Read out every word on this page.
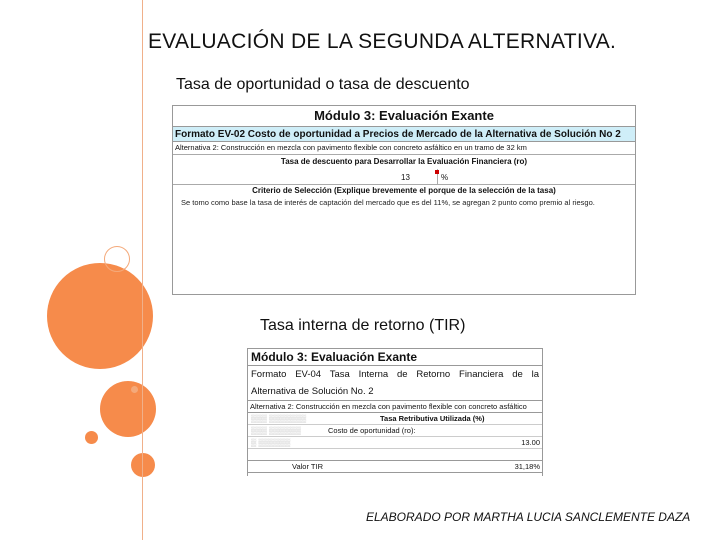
EVALUACIÓN DE LA SEGUNDA ALTERNATIVA.
Tasa de oportunidad o tasa de descuento
Módulo 3: Evaluación Exante
Formato EV-02 Costo de oportunidad a Precios de Mercado de la Alternativa de Solución No 2
Alternativa 2: Construcción en mezcla con pavimento flexible con concreto asfáltico en un tramo de 32 km
Tasa de descuento para Desarrollar la Evaluación Financiera (ro)
13	%
Criterio de Selección (Explique brevemente el porque de la selección de la tasa)
Se tomo como base la tasa de interés de captación del mercado que es del 11%, se agregan 2 punto como premio al riesgo.
Tasa interna de retorno (TIR)
Módulo 3: Evaluación Exante
Formato EV-04 Tasa Interna de Retorno Financiera de la
Alternativa de Solución No. 2
Alternativa 2: Construcción en mezcla con pavimento flexible con concreto asfáltico
▒▒▒ ▒▒▒▒▒▒▒	Tasa Retributiva Utilizada (%)
▒▒▒ ▒▒▒▒▒▒	Costo de oportunidad (ro):
▒ ▒▒▒▒▒▒	13.00
Valor TIR	31,18%
ELABORADO POR MARTHA LUCIA SANCLEMENTE DAZA
